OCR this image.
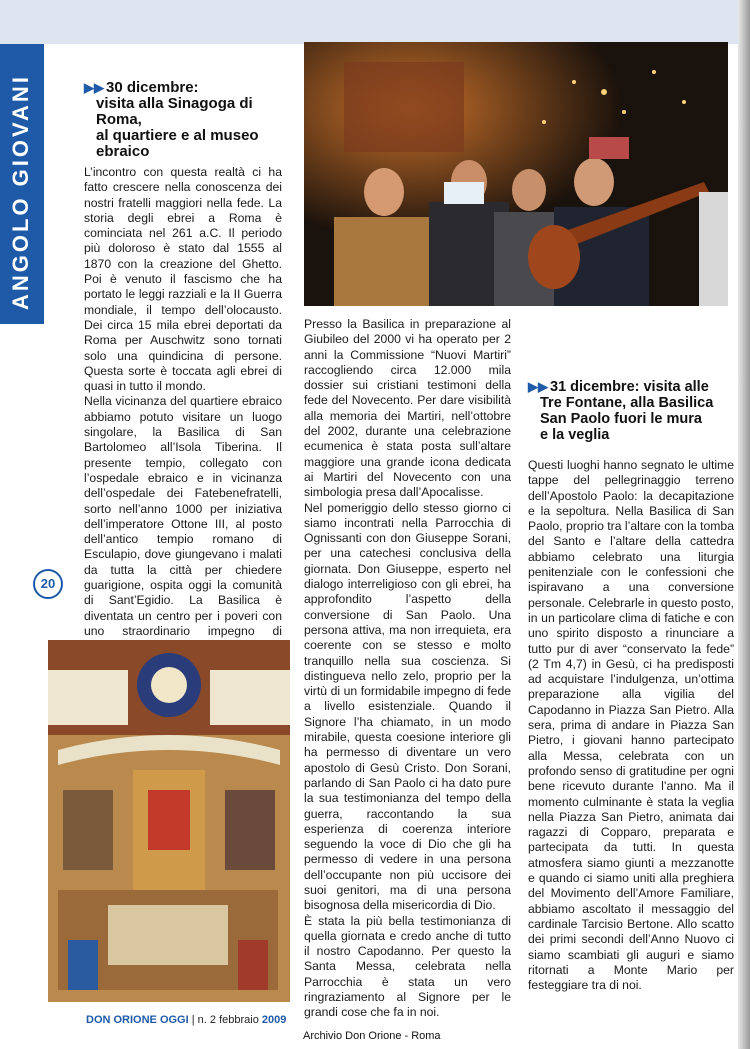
ANGOLO GIOVANI
20
▶▶ 30 dicembre:
visita alla Sinagoga di Roma,
al quartiere e al museo
ebraico

L’incontro con questa realtà ci ha fatto crescere nella conoscenza dei nostri fratelli maggiori nella fede. La storia degli ebrei a Roma è cominciata nel 261 a.C. Il periodo più doloroso è stato dal 1555 al 1870 con la creazione del Ghetto. Poi è venuto il fascismo che ha portato le leggi razziali e la II Guerra mondiale, il tempo dell’olocausto. Dei circa 15 mila ebrei deportati da Roma per Auschwitz sono tornati solo una quindicina di persone. Questa sorte è toccata agli ebrei di quasi in tutto il mondo.

Nella vicinanza del quartiere ebraico abbiamo potuto visitare un luogo singolare, la Basilica di San Bartolomeo all’Isola Tiberina. Il presente tempio, collegato con l’ospedale ebraico e in vicinanza dell’ospedale dei Fatebenefratelli, sorto nell’anno 1000 per iniziativa dell’imperatore Ottone III, al posto dell’antico tempio romano di Esculapio, dove giungevano i malati da tutta la città per chiedere guarigione, ospita oggi la comunità di Sant’Egidio. La Basilica è diventata un centro per i poveri con uno straordinario impegno di

Presso la Basilica in preparazione al Giubileo del 2000 vi ha operato per 2 anni la Commissione “Nuovi Martiri” raccogliendo circa 12.000 mila dossier sui cristiani testimoni della fede del Novecento. Per dare visibilità alla memoria dei Martiri, nell’ottobre del 2002, durante una celebrazione ecumenica è stata posta sull’altare maggiore una grande icona dedicata ai Martiri del Novecento con una simbologia presa dall’Apocalisse.

Nel pomeriggio dello stesso giorno ci siamo incontrati nella Parrocchia di Ognissanti con don Giuseppe Sorani, per una catechesi conclusiva della giornata. Don Giuseppe, esperto nel dialogo interreligioso con gli ebrei, ha approfondito l’aspetto della conversione di San Paolo. Una persona attiva, ma non irrequieta, era coerente con se stesso e molto tranquillo nella sua coscienza. Si distingueva nello zelo, proprio per la virtù di un formidabile impegno di fede a livello esistenziale. Quando il Signore l’ha chiamato, in un modo mirabile, questa coesione interiore gli ha permesso di diventare un vero apostolo di Gesù Cristo. Don Sorani, parlando di San Paolo ci ha dato pure la sua testimonianza del tempo della guerra, raccontando la sua esperienza di coerenza interiore seguendo la voce di Dio che gli ha permesso di vedere in una persona dell’occupante non più uccisore dei suoi genitori, ma di una persona bisognosa della misericordia di Dio.

È stata la più bella testimonianza di quella giornata e credo anche di tutto il nostro Capodanno. Per questo la Santa Messa, celebrata nella Parrocchia è stata un vero ringraziamento al Signore per le grandi cose che fa in noi.

▶▶ 31 dicembre: visita alle
Tre Fontane, alla Basilica
San Paolo fuori le mura
e la veglia

Questi luoghi hanno segnato le ultime tappe del pellegrinaggio terreno dell’Apostolo Paolo: la decapitazione e la sepoltura. Nella Basilica di San Paolo, proprio tra l’altare con la tomba del Santo e l’altare della cattedra abbiamo celebrato una liturgia penitenziale con le confessioni che ispiravano a una conversione personale. Celebrarle in questo posto, in un particolare clima di fatiche e con uno spirito disposto a rinunciare a tutto pur di aver “conservato la fede” (2 Tm 4,7) in Gesù, ci ha predisposti ad acquistare l’indulgenza, un’ottima preparazione alla vigilia del Capodanno in Piazza San Pietro. Alla sera, prima di andare in Piazza San Pietro, i giovani hanno partecipato alla Messa, celebrata con un profondo senso di gratitudine per ogni bene ricevuto durante l’anno. Ma il momento culminante è stata la veglia nella Piazza San Pietro, animata dai ragazzi di Copparo, preparata e partecipata da tutti. In questa atmosfera siamo giunti a mezzanotte e quando ci siamo uniti alla preghiera del Movimento dell’Amore Familiare, abbiamo ascoltato il messaggio del cardinale Tarcisio Bertone. Allo scatto dei primi secondi dell’Anno Nuovo ci siamo scambiati gli auguri e siamo ritornati a Monte Mario per festeggiare tra di noi.

DON ORIONE OGGI | n. 2 febbraio 2009
Archivio Don Orione - Roma
